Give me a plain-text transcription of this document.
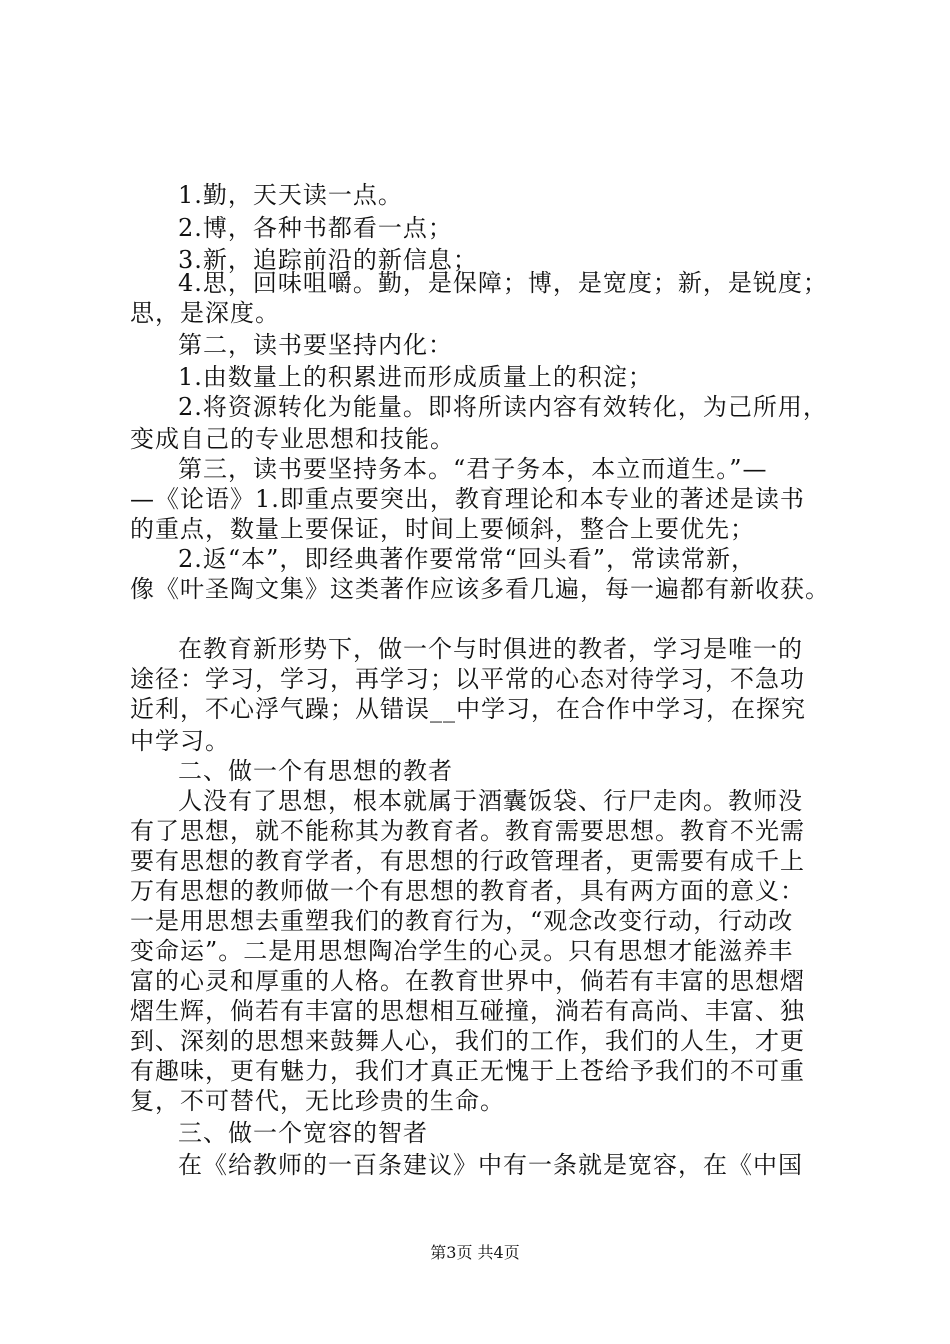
1.勤，天天读一点。
2.博，各种书都看一点；
3.新，追踪前沿的新信息；
4.思，回味咀嚼。勤，是保障；博，是宽度；新，是锐度；
思，是深度。
第二，读书要坚持内化：
1.由数量上的积累进而形成质量上的积淀；
2.将资源转化为能量。即将所读内容有效转化，为己所用，
变成自己的专业思想和技能。
第三，读书要坚持务本。“君子务本，本立而道生。”—
—《论语》1.即重点要突出，教育理论和本专业的著述是读书
的重点，数量上要保证，时间上要倾斜，整合上要优先；
2.返“本”，即经典著作要常常“回头看”，常读常新，
像《叶圣陶文集》这类著作应该多看几遍，每一遍都有新收获。
在教育新形势下，做一个与时俱进的教者，学习是唯一的
途径：学习，学习，再学习；以平常的心态对待学习，不急功
近利，不心浮气躁；从错误__中学习，在合作中学习，在探究
中学习。
二、做一个有思想的教者
人没有了思想，根本就属于酒囊饭袋、行尸走肉。教师没
有了思想，就不能称其为教育者。教育需要思想。教育不光需
要有思想的教育学者，有思想的行政管理者，更需要有成千上
万有思想的教师做一个有思想的教育者，具有两方面的意义：
一是用思想去重塑我们的教育行为，“观念改变行动，行动改
变命运”。二是用思想陶冶学生的心灵。只有思想才能滋养丰
富的心灵和厚重的人格。在教育世界中，倘若有丰富的思想熠
熠生辉，倘若有丰富的思想相互碰撞，淌若有高尚、丰富、独
到、深刻的思想来鼓舞人心，我们的工作，我们的人生，才更
有趣味，更有魅力，我们才真正无愧于上苍给予我们的不可重
复，不可替代，无比珍贵的生命。
三、做一个宽容的智者
在《给教师的一百条建议》中有一条就是宽容，在《中国
第3页 共4页
